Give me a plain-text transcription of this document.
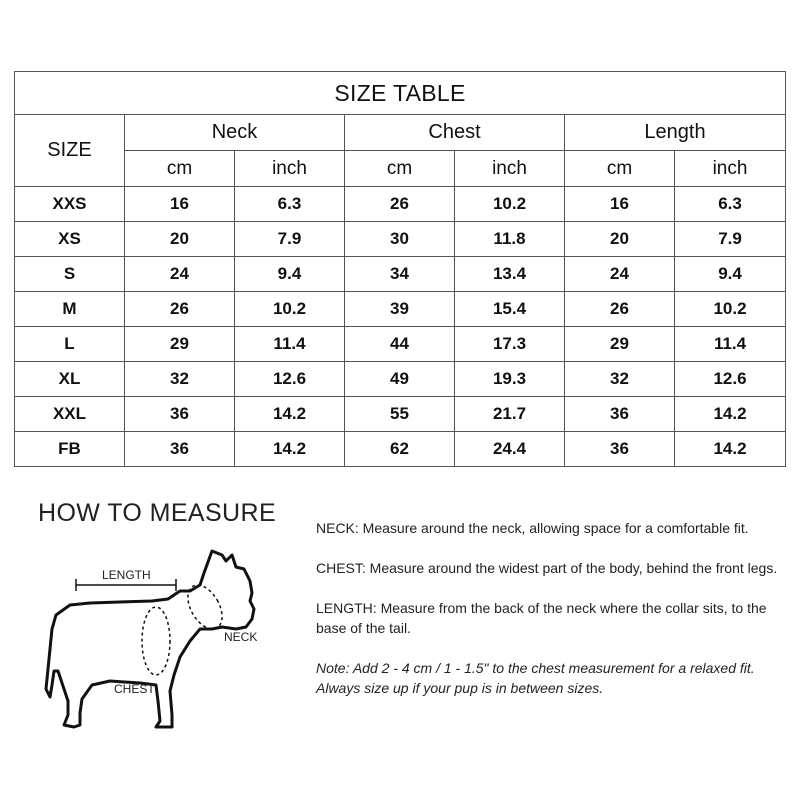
SIZE TABLE						
SIZE	Neck		Chest		Length	
	cm	inch	cm	inch	cm	inch
XXS	16	6.3	26	10.2	16	6.3
XS	20	7.9	30	11.8	20	7.9
S	24	9.4	34	13.4	24	9.4
M	26	10.2	39	15.4	26	10.2
L	29	11.4	44	17.3	29	11.4
XL	32	12.6	49	19.3	32	12.6
XXL	36	14.2	55	21.7	36	14.2
FB	36	14.2	62	24.4	36	14.2
HOW TO MEASURE
LENGTH
NECK
CHEST

NECK: Measure around the neck, allowing space for a comfortable fit.

CHEST: Measure around the widest part of the body, behind the front legs.

LENGTH: Measure from the back of the neck where the collar sits, to the base of the tail.

Note: Add 2 - 4 cm / 1 - 1.5" to the chest measurement for a relaxed fit. Always size up if your pup is in between sizes.
